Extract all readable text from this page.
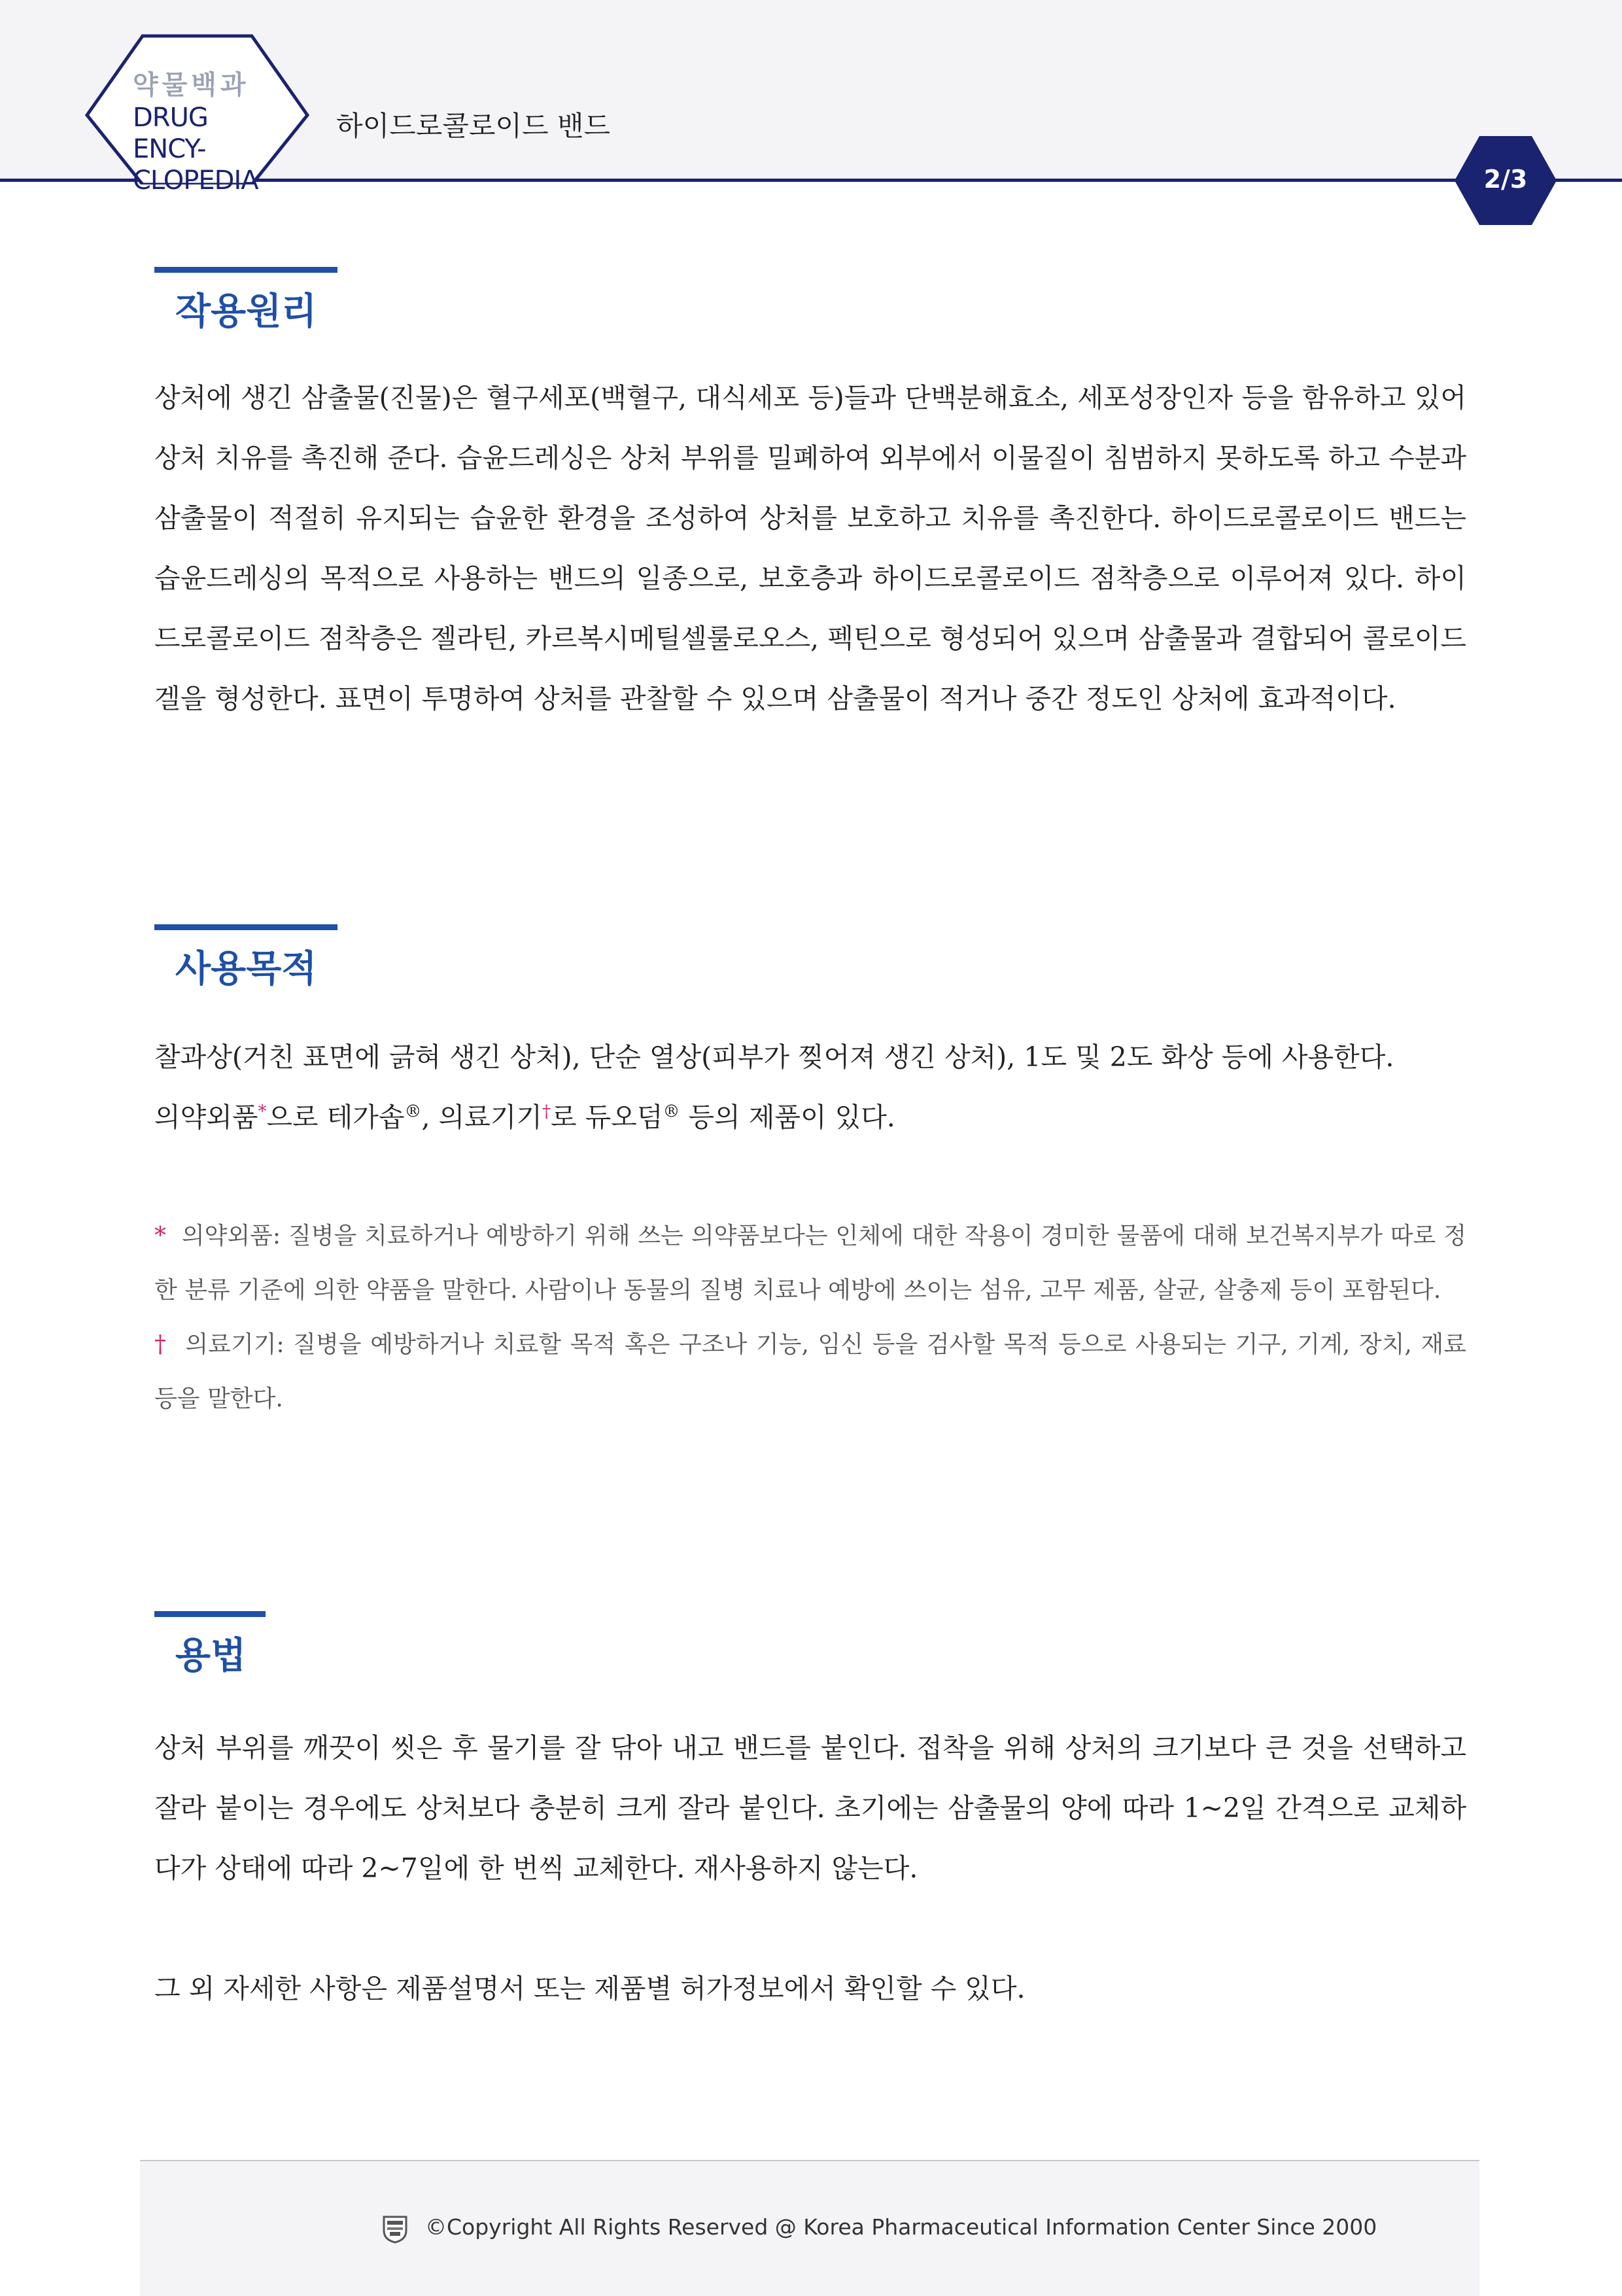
약물백과
DRUG ENCY-
CLOPEDIA
하이드로콜로이드 밴드
2/3
작용원리
상처에 생긴 삼출물(진물)은 혈구세포(백혈구, 대식세포 등)들과 단백분해효소, 세포성장인자 등을 함유하고 있어 상처 치유를 촉진해 준다. 습윤드레싱은 상처 부위를 밀폐하여 외부에서 이물질이 침범하지 못하도록 하고 수분과 삼출물이 적절히 유지되는 습윤한 환경을 조성하여 상처를 보호하고 치유를 촉진한다. 하이드로콜로이드 밴드는 습윤드레싱의 목적으로 사용하는 밴드의 일종으로, 보호층과 하이드로콜로이드 점착층으로 이루어져 있다. 하이드로콜로이드 점착층은 젤라틴, 카르복시메틸셀룰로오스, 펙틴으로 형성되어 있으며 삼출물과 결합되어 콜로이드 겔을 형성한다. 표면이 투명하여 상처를 관찰할 수 있으며 삼출물이 적거나 중간 정도인 상처에 효과적이다.
사용목적
찰과상(거친 표면에 긁혀 생긴 상처), 단순 열상(피부가 찢어져 생긴 상처), 1도 및 2도 화상 등에 사용한다.
의약외품*으로 테가솝®, 의료기기†로 듀오덤® 등의 제품이 있다.
* 의약외품: 질병을 치료하거나 예방하기 위해 쓰는 의약품보다는 인체에 대한 작용이 경미한 물품에 대해 보건복지부가 따로 정한 분류 기준에 의한 약품을 말한다. 사람이나 동물의 질병 치료나 예방에 쓰이는 섬유, 고무 제품, 살균, 살충제 등이 포함된다.
† 의료기기: 질병을 예방하거나 치료할 목적 혹은 구조나 기능, 임신 등을 검사할 목적 등으로 사용되는 기구, 기계, 장치, 재료 등을 말한다.
용법
상처 부위를 깨끗이 씻은 후 물기를 잘 닦아 내고 밴드를 붙인다. 접착을 위해 상처의 크기보다 큰 것을 선택하고 잘라 붙이는 경우에도 상처보다 충분히 크게 잘라 붙인다. 초기에는 삼출물의 양에 따라 1~2일 간격으로 교체하다가 상태에 따라 2~7일에 한 번씩 교체한다. 재사용하지 않는다.
그 외 자세한 사항은 제품설명서 또는 제품별 허가정보에서 확인할 수 있다.
©Copyright All Rights Reserved @ Korea Pharmaceutical Information Center Since 2000
